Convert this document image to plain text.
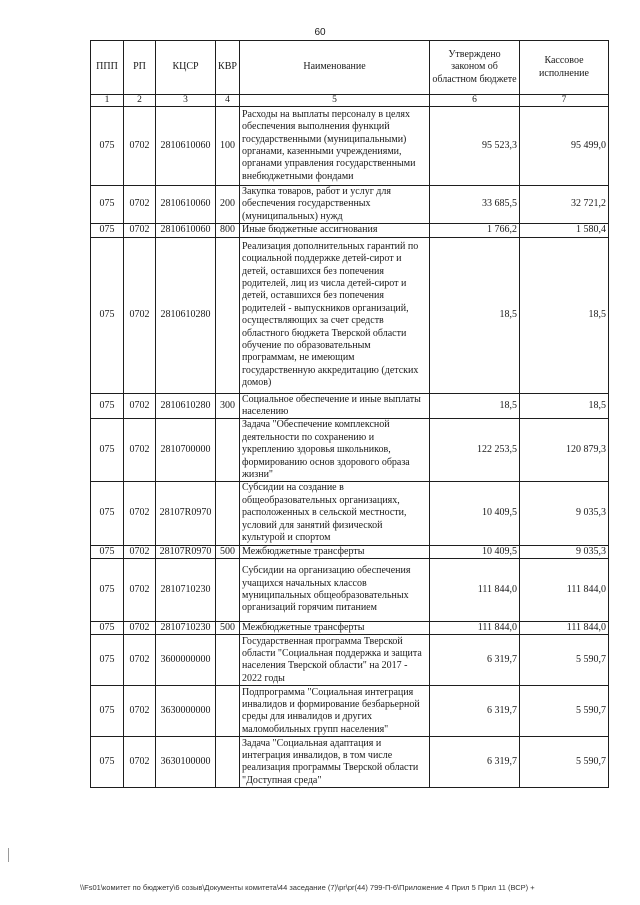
60
ППП	РП	КЦСР	КВР	Наименование	Утверждено законом об областном бюджете	Кассовое исполнение
1	2	3	4	5	6	7
075	0702	2810610060	100	Расходы на выплаты персоналу в целях обеспечения выполнения функций государственными (муниципальными) органами, казенными учреждениями, органами управления государственными внебюджетными фондами	95 523,3	95 499,0
075	0702	2810610060	200	Закупка товаров, работ и услуг для обеспечения государственных (муниципальных) нужд	33 685,5	32 721,2
075	0702	2810610060	800	Иные бюджетные ассигнования	1 766,2	1 580,4
075	0702	2810610280		Реализация дополнительных гарантий по социальной поддержке детей-сирот и детей, оставшихся без попечения родителей, лиц из числа детей-сирот и детей, оставшихся без попечения родителей - выпускников организаций, осуществляющих за счет средств областного бюджета Тверской области обучение по образовательным программам, не имеющим государственную аккредитацию (детских домов)	18,5	18,5
075	0702	2810610280	300	Социальное обеспечение и иные выплаты населению	18,5	18,5
075	0702	2810700000		Задача "Обеспечение комплексной деятельности по сохранению и укреплению здоровья школьников, формированию основ здорового образа жизни"	122 253,5	120 879,3
075	0702	28107R0970		Субсидии на создание в общеобразовательных организациях, расположенных в сельской местности, условий для занятий физической культурой и спортом	10 409,5	9 035,3
075	0702	28107R0970	500	Межбюджетные трансферты	10 409,5	9 035,3
075	0702	2810710230		Субсидии на организацию обеспечения учащихся начальных классов муниципальных общеобразовательных организаций горячим питанием	111 844,0	111 844,0
075	0702	2810710230	500	Межбюджетные трансферты	111 844,0	111 844,0
075	0702	3600000000		Государственная программа Тверской области "Социальная поддержка и защита населения Тверской области" на 2017 - 2022 годы	6 319,7	5 590,7
075	0702	3630000000		Подпрограмма "Социальная интеграция инвалидов и формирование безбарьерной среды для инвалидов и других маломобильных групп населения"	6 319,7	5 590,7
075	0702	3630100000		Задача "Социальная адаптация и интеграция инвалидов, в том числе реализация программы Тверской области "Доступная среда"	6 319,7	5 590,7
\\Fs01\комитет по бюджету\6 созыв\Документы комитета\44 заседание (7)\pr\pr(44) 799-П-6\Приложение 4 Прил 5 Прил 11 (ВСР) +
